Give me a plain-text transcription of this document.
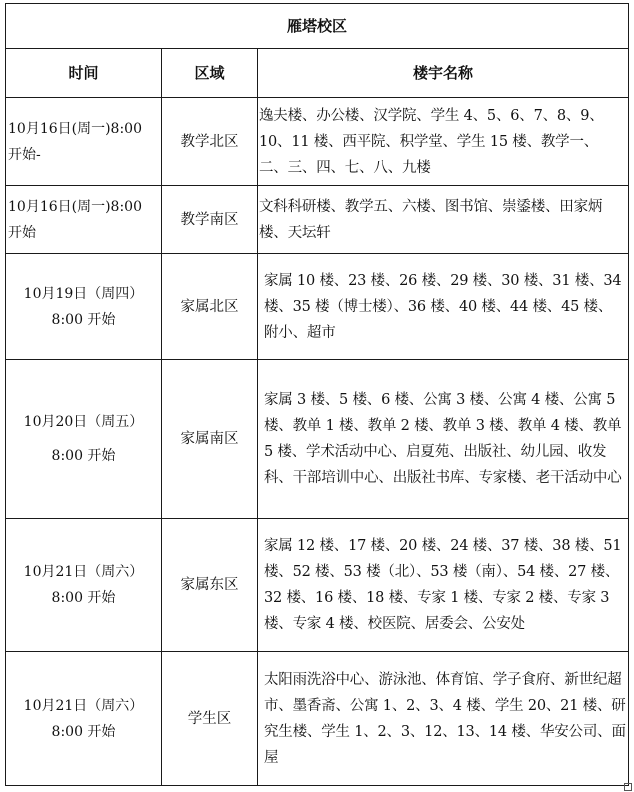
雁塔校区		
时间	区域	楼宇名称

10月16日(周一)8:00
开始-	教学北区	逸夫楼、办公楼、汉学院、学生 4、5、6、7、8、9、10、11 楼、西平院、积学堂、学生 15 楼、教学一、二、三、四、七、八、九楼

10月16日(周一)8:00
开始	教学南区	文科科研楼、教学五、六楼、图书馆、崇鋈楼、田家炳楼、天坛轩

10月19日（周四）
8:00 开始	家属北区	家属 10 楼、23 楼、26 楼、29 楼、30 楼、31 楼、34 楼、35 楼（博士楼）、36 楼、40 楼、44 楼、45 楼、附小、超市

10月20日（周五）
8:00 开始	家属南区	家属 3 楼、5 楼、6 楼、公寓 3 楼、公寓 4 楼、公寓 5 楼、教单 1 楼、教单 2 楼、教单 3 楼、教单 4 楼、教单 5 楼、学术活动中心、启夏苑、出版社、幼儿园、收发科、干部培训中心、出版社书库、专家楼、老干活动中心

10月21日（周六）
8:00 开始	家属东区	家属 12 楼、17 楼、20 楼、24 楼、37 楼、38 楼、51 楼、52 楼、53 楼（北）、53 楼（南）、54 楼、27 楼、32 楼、16 楼、18 楼、专家 1 楼、专家 2 楼、专家 3 楼、专家 4 楼、校医院、居委会、公安处

10月21日（周六）
8:00 开始	学生区	太阳雨洗浴中心、游泳池、体育馆、学子食府、新世纪超市、墨香斋、公寓 1、2、3、4 楼、学生 20、21 楼、研究生楼、学生 1、2、3、12、13、14 楼、华安公司、面屋
